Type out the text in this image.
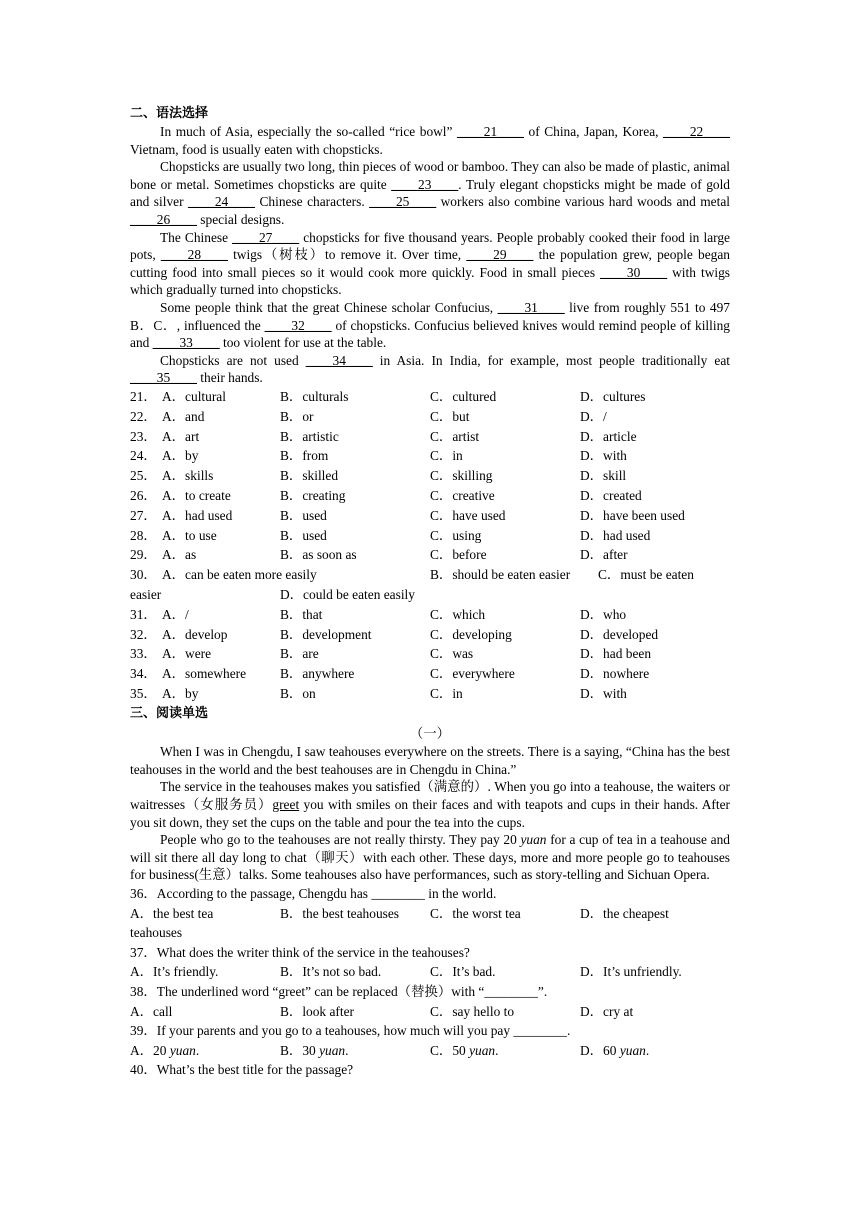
二、语法选择

In much of Asia, especially the so-called “rice bowl” ____21____ of China, Japan, Korea, ____22____ Vietnam, food is usually eaten with chopsticks.

Chopsticks are usually two long, thin pieces of wood or bamboo. They can also be made of plastic, animal bone or metal. Sometimes chopsticks are quite ____23____. Truly elegant chopsticks might be made of gold and silver ____24____ Chinese characters. ____25____ workers also combine various hard woods and metal ____26____ special designs.

The Chinese ____27____ chopsticks for five thousand years. People probably cooked their food in large pots, ____28____ twigs（树枝）to remove it. Over time, ____29____ the population grew, people began cutting food into small pieces so it would cook more quickly. Food in small pieces ____30____ with twigs which gradually turned into chopsticks.

Some people think that the great Chinese scholar Confucius, ____31____ live from roughly 551 to 497 B．C．, influenced the ____32____ of chopsticks. Confucius believed knives would remind people of killing and ____33____ too violent for use at the table.

Chopsticks are not used ____34____ in Asia. In India, for example, most people traditionally eat ____35____ their hands.

21． A．cultural	B．culturals	C．cultured	D．cultures
22． A．and	B．or	C．but	D．/
23． A．art	B．artistic	C．artist	D．article
24． A．by	B．from	C．in	D．with
25． A．skills	B．skilled	C．skilling	D．skill
26． A．to create	B．creating	C．creative	D．created
27． A．had used	B．used	C．have used	D．have been used
28． A．to use	B．used	C．using	D．had used
29． A．as	B．as soon as	C．before	D．after
30． A．can be eaten more easily	B．should be eaten easier	C．must be eaten
easier	D．could be eaten easily
31． A．/	B．that	C．which	D．who
32． A．develop	B．development	C．developing	D．developed
33． A．were	B．are	C．was	D．had been
34． A．somewhere	B．anywhere	C．everywhere	D．nowhere
35． A．by	B．on	C．in	D．with

三、阅读单选

（一）

When I was in Chengdu, I saw teahouses everywhere on the streets. There is a saying, “China has the best teahouses in the world and the best teahouses are in Chengdu in China.”

The service in the teahouses makes you satisfied（满意的）. When you go into a teahouse, the waiters or waitresses（女服务员）greet you with smiles on their faces and with teapots and cups in their hands. After you sit down, they set the cups on the table and pour the tea into the cups.

People who go to the teahouses are not really thirsty. They pay 20 yuan for a cup of tea in a teahouse and will sit there all day long to chat（聊天）with each other. These days, more and more people go to teahouses for business(生意）talks. Some teahouses also have performances, such as story-telling and Sichuan Opera.

36．According to the passage, Chengdu has ________ in the world.

A．the best tea	B．the best teahouses	C．the worst tea	D．the cheapest
teahouses

37．What does the writer think of the service in the teahouses?

A．It’s friendly.	B．It’s not so bad.	C．It’s bad.	D．It’s unfriendly.

38．The underlined word “greet” can be replaced（替换）with “________”.

A．call	B．look after	C．say hello to	D．cry at

39．If your parents and you go to a teahouses, how much will you pay ________.

A．20 yuan.	B．30 yuan.	C．50 yuan.	D．60 yuan.

40．What’s the best title for the passage?
